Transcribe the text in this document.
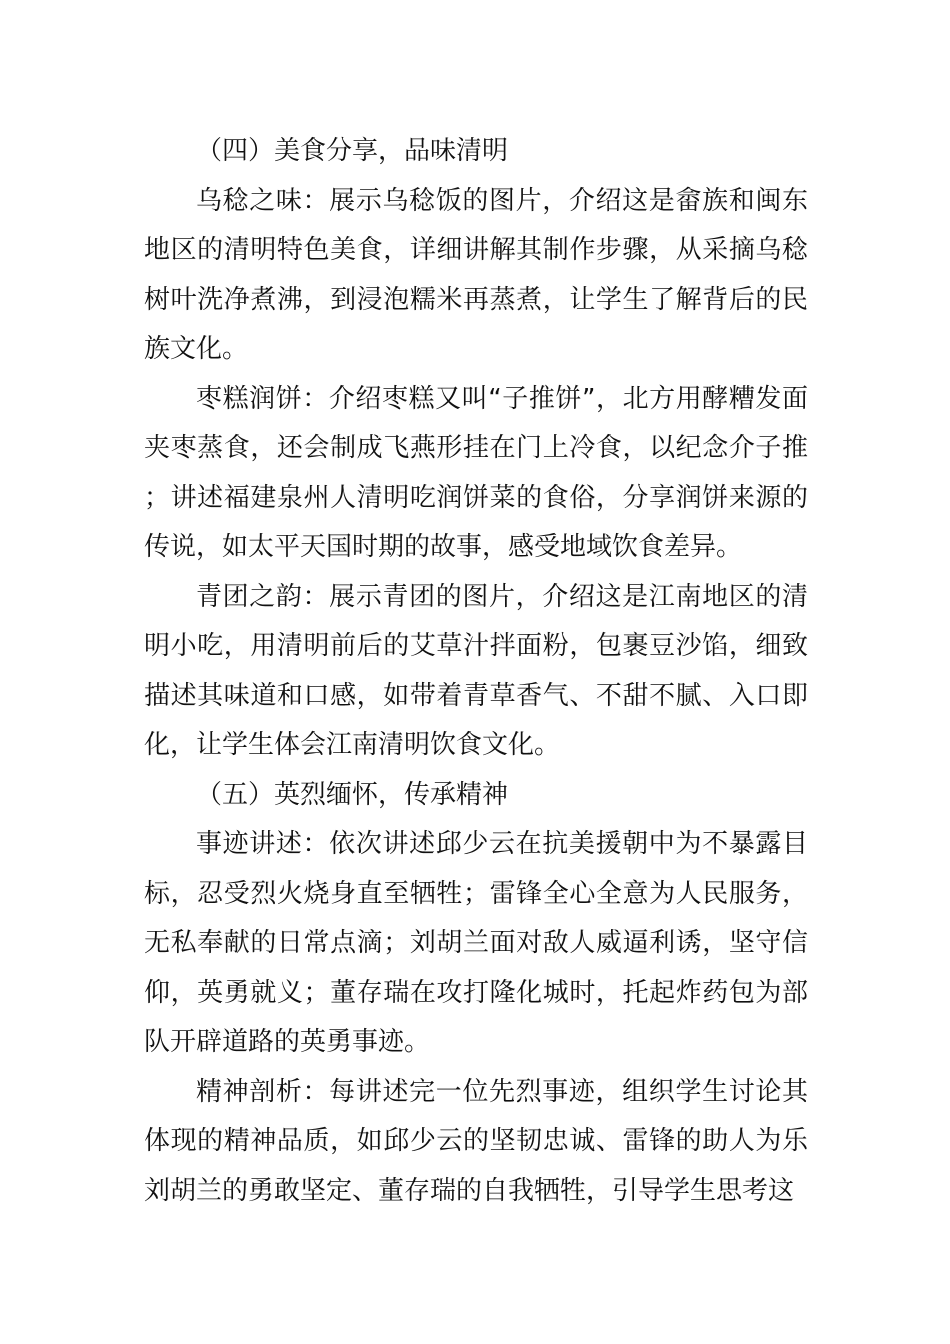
（四）美食分享，品味清明

乌稔之味：展示乌稔饭的图片，介绍这是畲族和闽东地区的清明特色美食，详细讲解其制作步骤，从采摘乌稔树叶洗净煮沸，到浸泡糯米再蒸煮，让学生了解背后的民族文化。

枣糕润饼：介绍枣糕又叫“子推饼”，北方用酵糟发面夹枣蒸食，还会制成飞燕形挂在门上冷食，以纪念介子推；讲述福建泉州人清明吃润饼菜的食俗，分享润饼来源的传说，如太平天国时期的故事，感受地域饮食差异。

青团之韵：展示青团的图片，介绍这是江南地区的清明小吃，用清明前后的艾草汁拌面粉，包裹豆沙馅，细致描述其味道和口感，如带着青草香气、不甜不腻、入口即化，让学生体会江南清明饮食文化。

（五）英烈缅怀，传承精神

事迹讲述：依次讲述邱少云在抗美援朝中为不暴露目标，忍受烈火烧身直至牺牲；雷锋全心全意为人民服务，无私奉献的日常点滴；刘胡兰面对敌人威逼利诱，坚守信仰，英勇就义；董存瑞在攻打隆化城时，托起炸药包为部队开辟道路的英勇事迹。

精神剖析：每讲述完一位先烈事迹，组织学生讨论其体现的精神品质，如邱少云的坚韧忠诚、雷锋的助人为乐刘胡兰的勇敢坚定、董存瑞的自我牺牲，引导学生思考这
